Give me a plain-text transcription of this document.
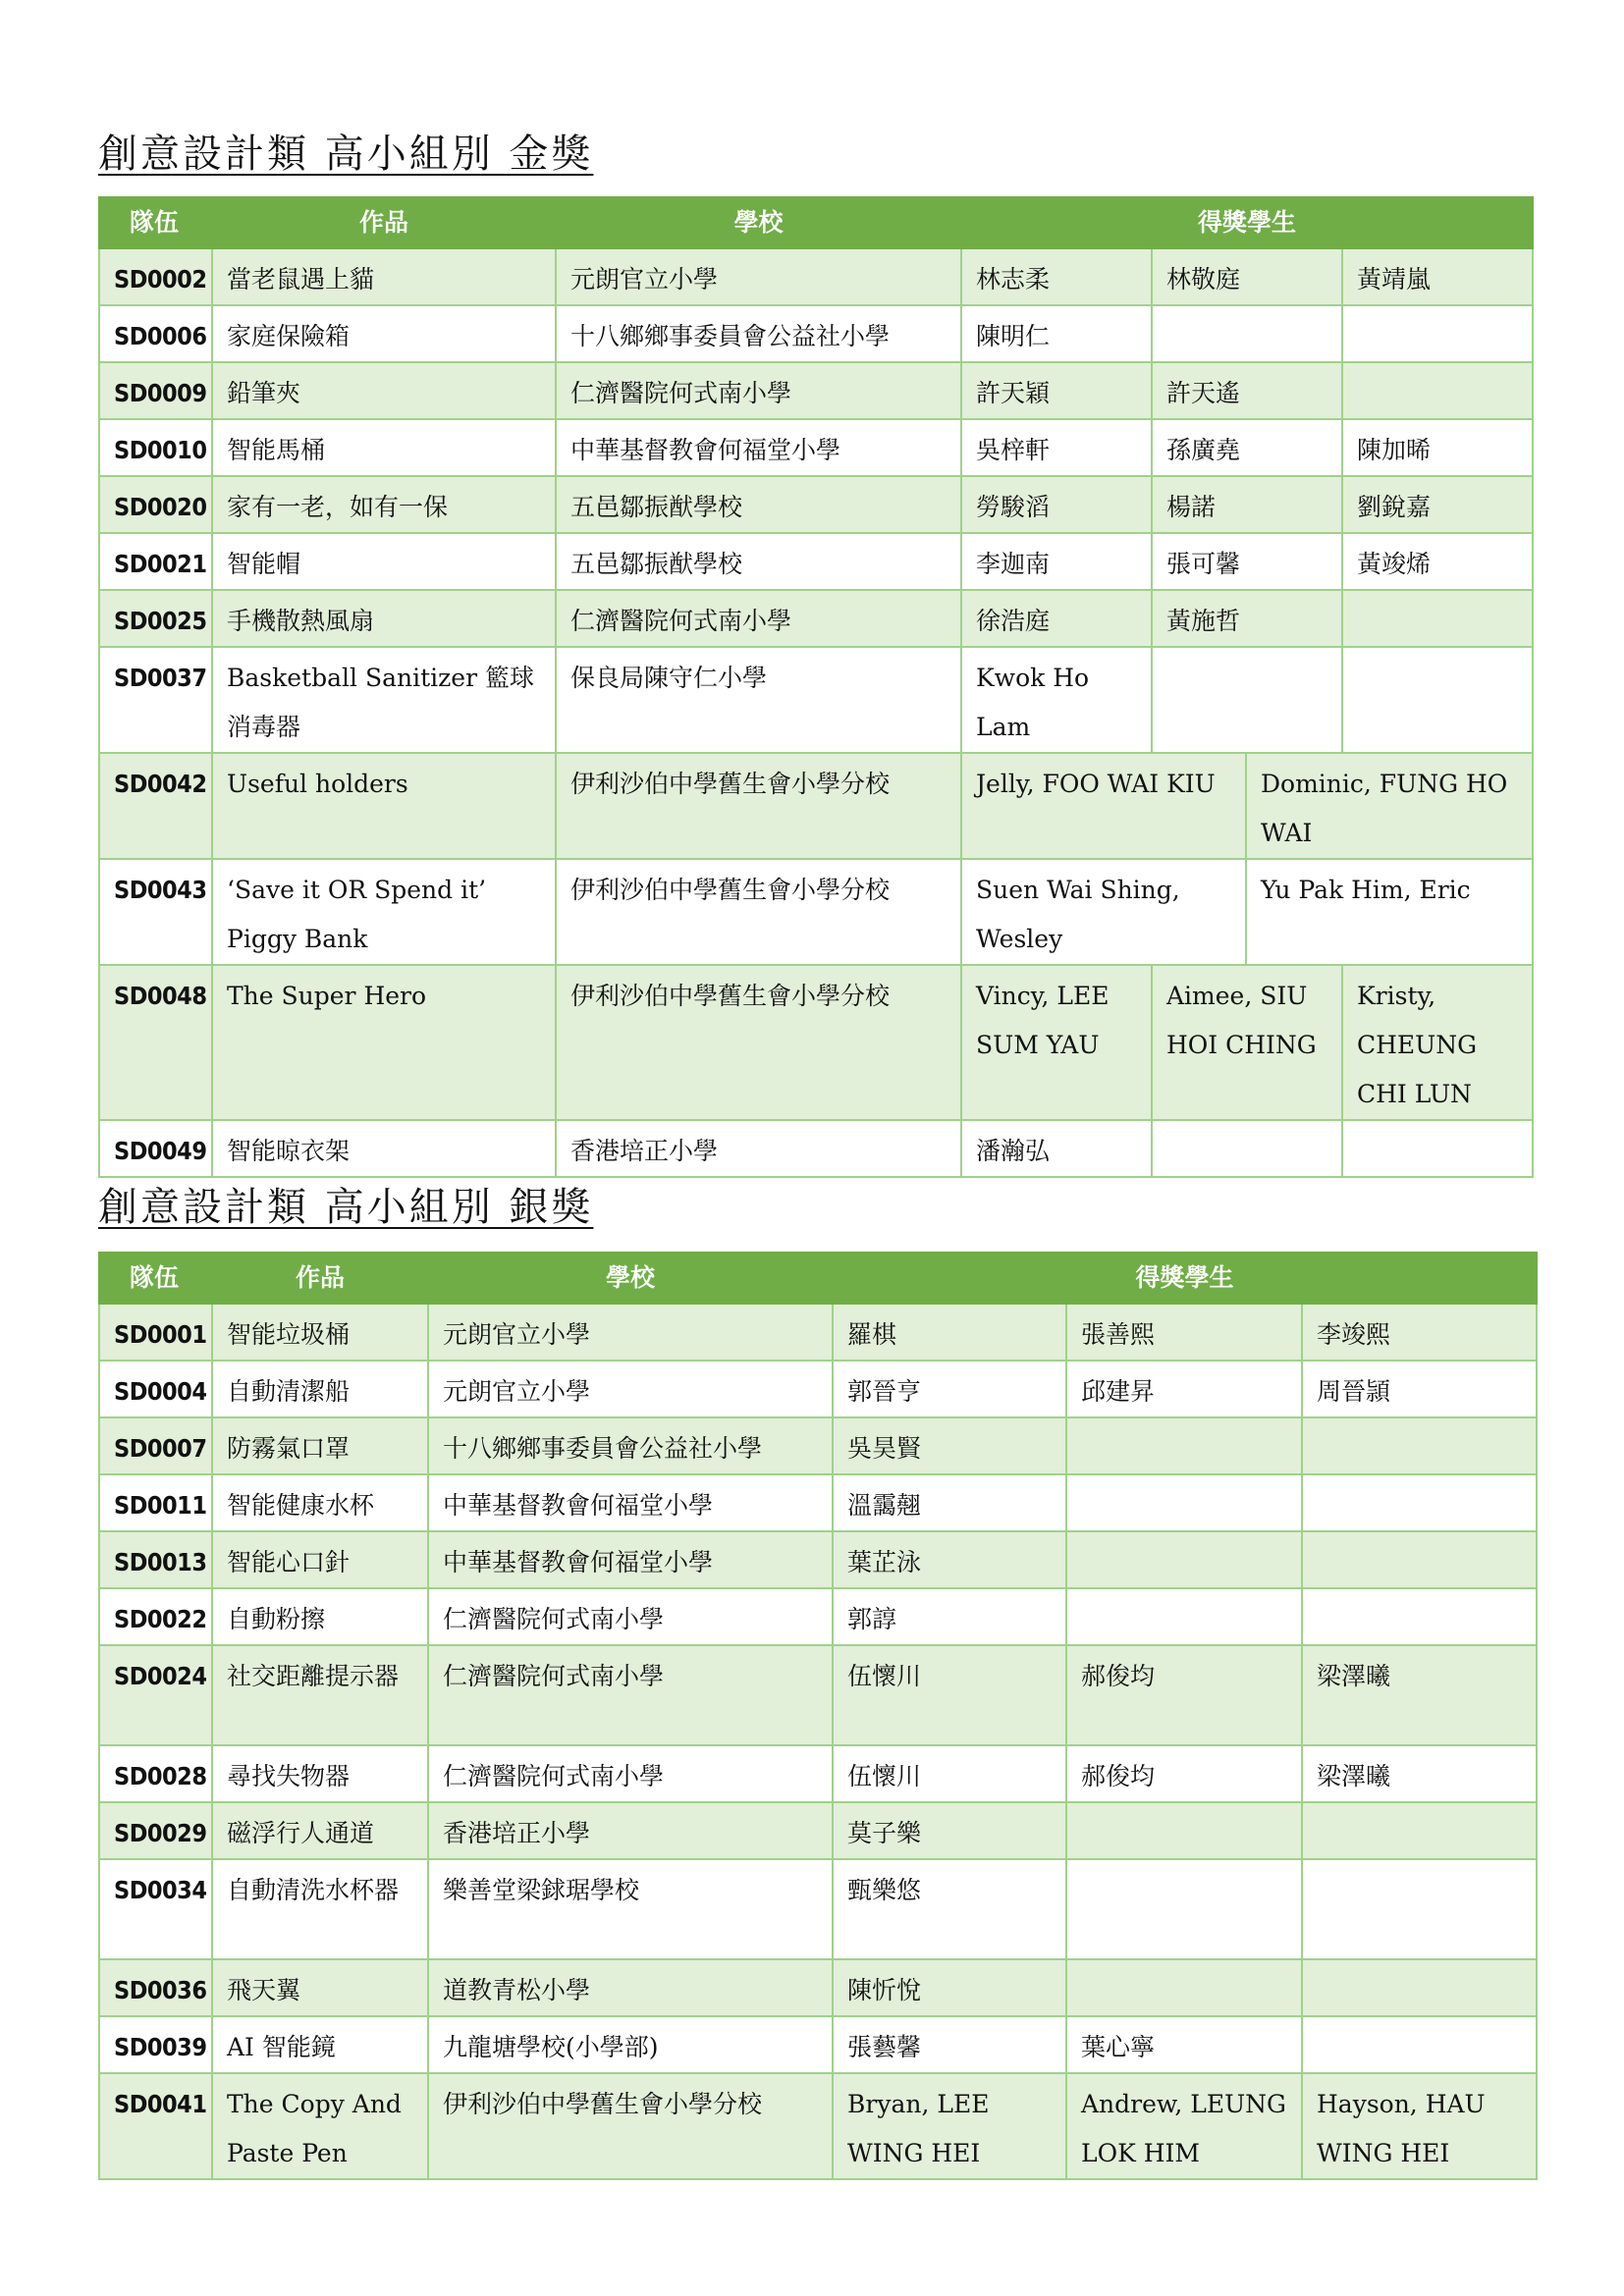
創意設計類 高小組別 金獎
隊伍	作品	學校	得獎學生			
SD0002	當老鼠遇上貓	元朗官立小學	林志柔	林敬庭		黃靖嵐
SD0006	家庭保險箱	十八鄉鄉事委員會公益社小學	陳明仁			
SD0009	鉛筆夾	仁濟醫院何式南小學	許天穎	許天遙		
SD0010	智能馬桶	中華基督教會何福堂小學	吳梓軒	孫廣堯		陳加晞
SD0020	家有一老，如有一保	五邑鄒振猷學校	勞駿滔	楊諾		劉銳嘉
SD0021	智能帽	五邑鄒振猷學校	李迦南	張可馨		黃竣烯
SD0025	手機散熱風扇	仁濟醫院何式南小學	徐浩庭	黃施哲		
SD0037	Basketball Sanitizer 籃球消毒器	保良局陳守仁小學	Kwok Ho Lam			
SD0042	Useful holders	伊利沙伯中學舊生會小學分校	Jelly, FOO WAI KIU		Dominic, FUNG HO WAI	
SD0043	‘Save it OR Spend it’ Piggy Bank	伊利沙伯中學舊生會小學分校	Suen Wai Shing, Wesley		Yu Pak Him, Eric	
SD0048	The Super Hero	伊利沙伯中學舊生會小學分校	Vincy, LEE SUM YAU	Aimee, SIU HOI CHING		Kristy, CHEUNG CHI LUN
SD0049	智能晾衣架	香港培正小學	潘瀚弘			
創意設計類 高小組別 銀獎
隊伍	作品	學校	得獎學生		
SD0001	智能垃圾桶	元朗官立小學	羅棋	張善熙	李竣熙
SD0004	自動清潔船	元朗官立小學	郭晉亨	邱建昇	周晉頴
SD0007	防霧氣口罩	十八鄉鄉事委員會公益社小學	吳昊賢		
SD0011	智能健康水杯	中華基督教會何福堂小學	溫靄翹		
SD0013	智能心口針	中華基督教會何福堂小學	葉芷泳		
SD0022	自動粉擦	仁濟醫院何式南小學	郭諄		
SD0024	社交距離提示器	仁濟醫院何式南小學	伍懷川	郝俊均	梁澤曦
SD0028	尋找失物器	仁濟醫院何式南小學	伍懷川	郝俊均	梁澤曦
SD0029	磁浮行人通道	香港培正小學	莫子樂		
SD0034	自動清洗水杯器	樂善堂梁銶琚學校	甄樂悠		
SD0036	飛天翼	道教青松小學	陳忻悅		
SD0039	AI 智能鏡	九龍塘學校(小學部)	張藝馨	葉心寧	
SD0041	The Copy And Paste Pen	伊利沙伯中學舊生會小學分校	Bryan, LEE WING HEI	Andrew, LEUNG LOK HIM	Hayson, HAU WING HEI
